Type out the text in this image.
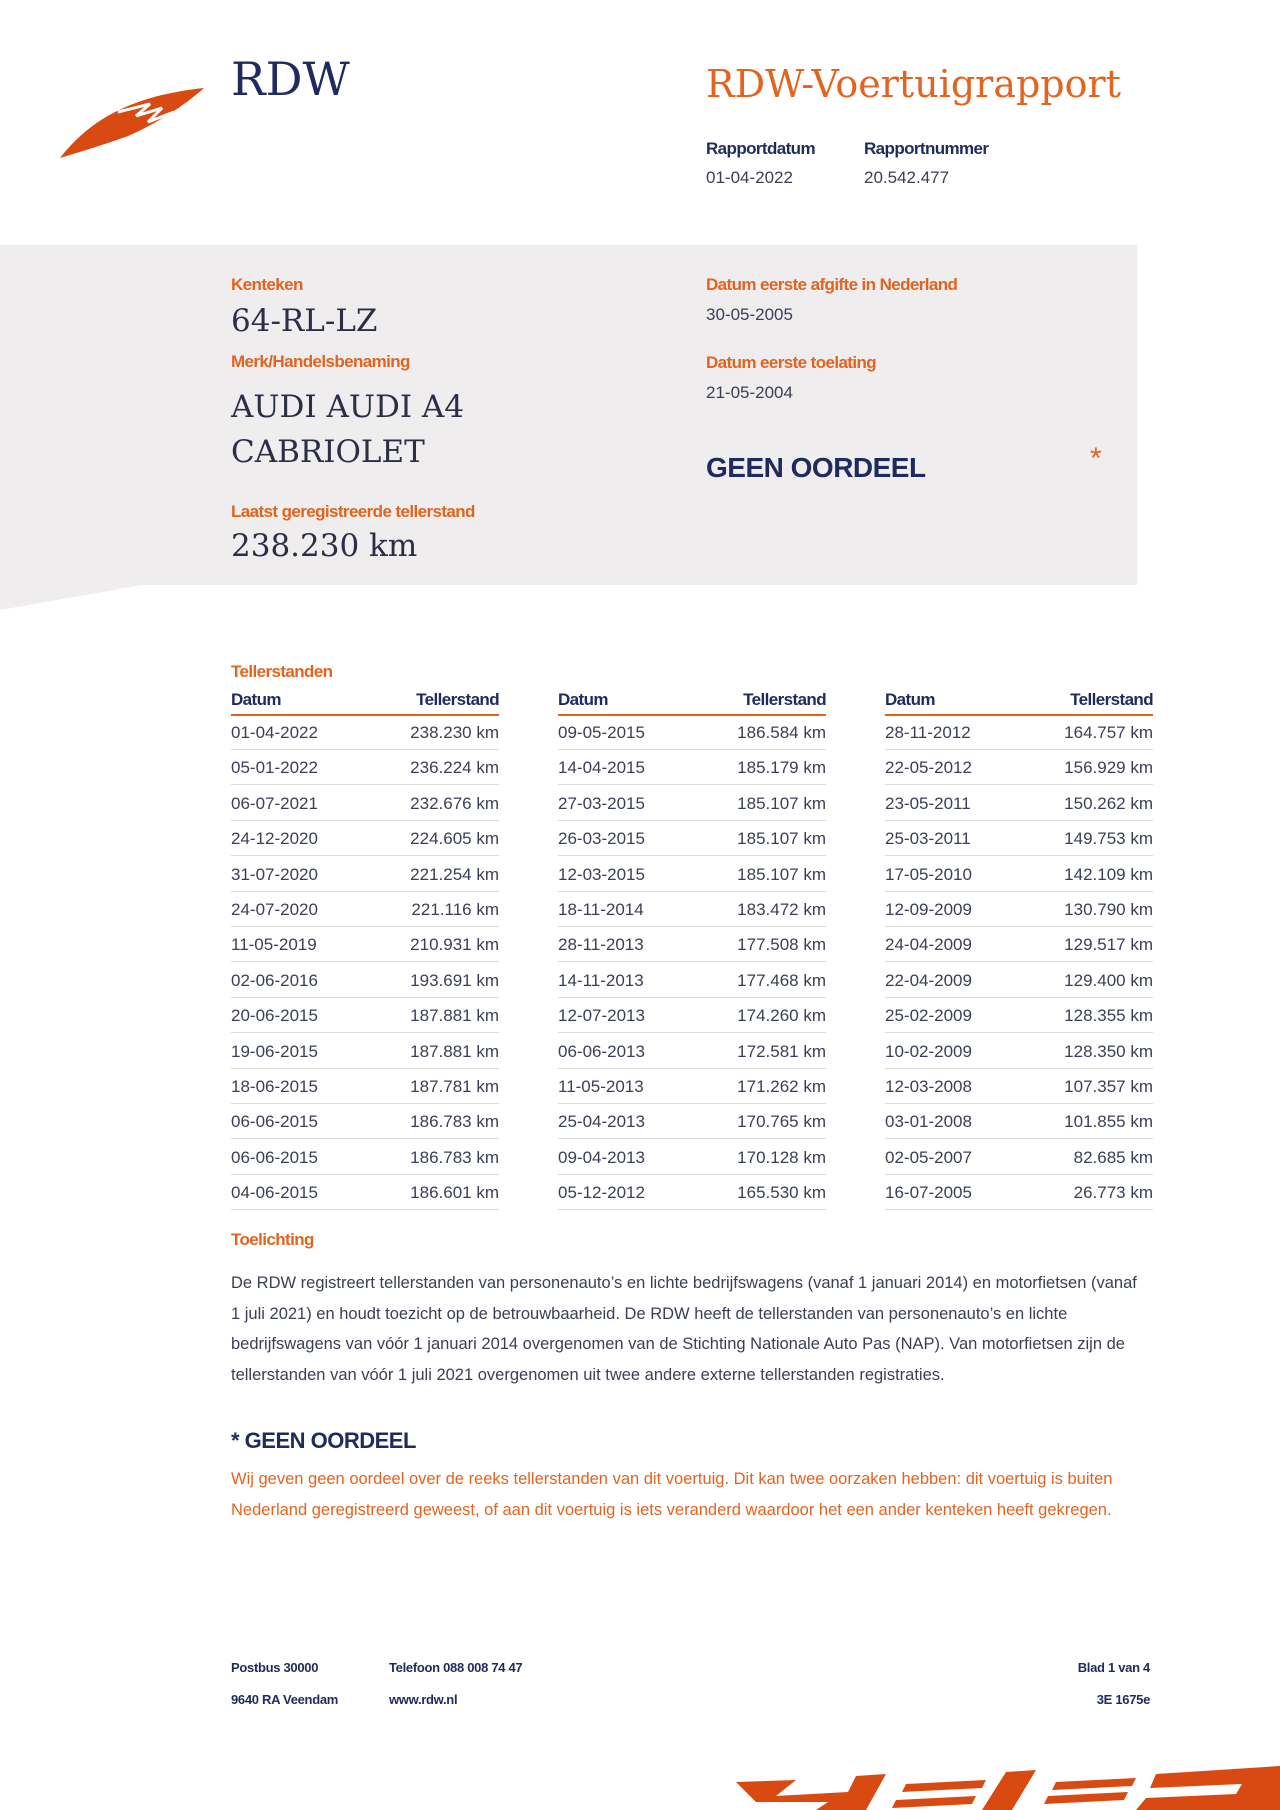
RDW	RDW-Voertuigrapport
Rapportdatum	Rapportnummer
01-04-2022	20.542.477
Kenteken
64-RL-LZ
Merk/Handelsbenaming
AUDI AUDI A4 CABRIOLET
Laatst geregistreerde tellerstand
238.230 km
Datum eerste afgifte in Nederland
30-05-2005
Datum eerste toelating
21-05-2004
GEEN OORDEEL	*
Tellerstanden
Datum	Tellerstand
01-04-2022	238.230 km
05-01-2022	236.224 km
06-07-2021	232.676 km
24-12-2020	224.605 km
31-07-2020	221.254 km
24-07-2020	221.116 km
11-05-2019	210.931 km
02-06-2016	193.691 km
20-06-2015	187.881 km
19-06-2015	187.881 km
18-06-2015	187.781 km
06-06-2015	186.783 km
06-06-2015	186.783 km
04-06-2015	186.601 km
Datum	Tellerstand
09-05-2015	186.584 km
14-04-2015	185.179 km
27-03-2015	185.107 km
26-03-2015	185.107 km
12-03-2015	185.107 km
18-11-2014	183.472 km
28-11-2013	177.508 km
14-11-2013	177.468 km
12-07-2013	174.260 km
06-06-2013	172.581 km
11-05-2013	171.262 km
25-04-2013	170.765 km
09-04-2013	170.128 km
05-12-2012	165.530 km
Datum	Tellerstand
28-11-2012	164.757 km
22-05-2012	156.929 km
23-05-2011	150.262 km
25-03-2011	149.753 km
17-05-2010	142.109 km
12-09-2009	130.790 km
24-04-2009	129.517 km
22-04-2009	129.400 km
25-02-2009	128.355 km
10-02-2009	128.350 km
12-03-2008	107.357 km
03-01-2008	101.855 km
02-05-2007	82.685 km
16-07-2005	26.773 km
Toelichting
De RDW registreert tellerstanden van personenauto’s en lichte bedrijfswagens (vanaf 1 januari 2014) en motorfietsen (vanaf 1 juli 2021) en houdt toezicht op de betrouwbaarheid. De RDW heeft de tellerstanden van personenauto’s en lichte bedrijfswagens van vóór 1 januari 2014 overgenomen van de Stichting Nationale Auto Pas (NAP). Van motorfietsen zijn de tellerstanden van vóór 1 juli 2021 overgenomen uit twee andere externe tellerstanden registraties.
* GEEN OORDEEL
Wij geven geen oordeel over de reeks tellerstanden van dit voertuig. Dit kan twee oorzaken hebben: dit voertuig is buiten Nederland geregistreerd geweest, of aan dit voertuig is iets veranderd waardoor het een ander kenteken heeft gekregen.
Postbus 30000
9640 RA Veendam
Telefoon 088 008 74 47
www.rdw.nl
Blad 1 van 4
3E 1675e
